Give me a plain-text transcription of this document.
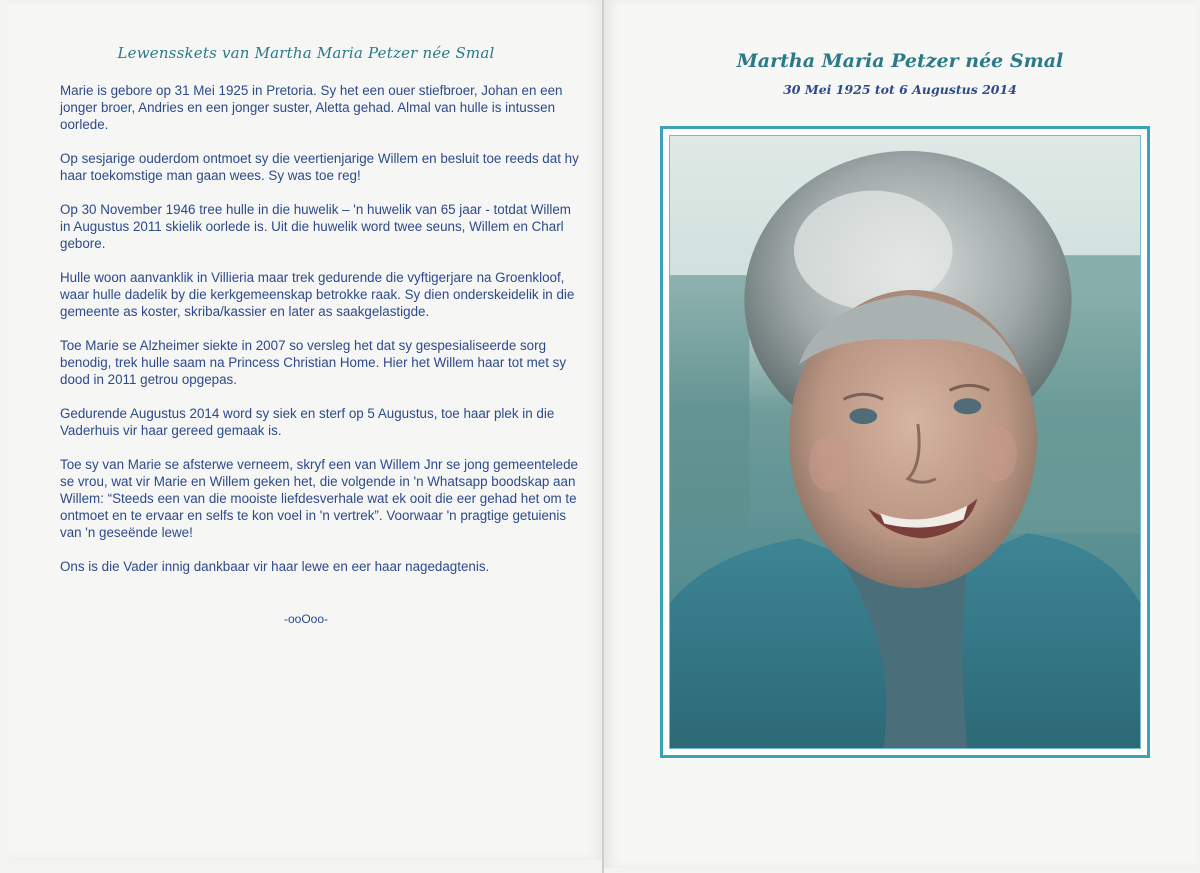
Lewensskets van Martha Maria Petzer née Smal

Marie is gebore op 31 Mei 1925 in Pretoria. Sy het een ouer stiefbroer, Johan en een jonger broer, Andries en een jonger suster, Aletta gehad. Almal van hulle is intussen oorlede.

Op sesjarige ouderdom ontmoet sy die veertienjarige Willem en besluit toe reeds dat hy haar toekomstige man gaan wees. Sy was toe reg!

Op 30 November 1946 tree hulle in die huwelik – 'n huwelik van 65 jaar - totdat Willem in Augustus 2011 skielik oorlede is. Uit die huwelik word twee seuns, Willem en Charl gebore.

Hulle woon aanvanklik in Villieria maar trek gedurende die vyftigerjare na Groenkloof, waar hulle dadelik by die kerkgemeenskap betrokke raak. Sy dien onderskeidelik in die gemeente as koster, skriba/kassier en later as saakgelastigde.

Toe Marie se Alzheimer siekte in 2007 so versleg het dat sy gespesialiseerde sorg benodig, trek hulle saam na Princess Christian Home. Hier het Willem haar tot met sy dood in 2011 getrou opgepas.

Gedurende Augustus 2014 word sy siek en sterf op 5 Augustus, toe haar plek in die Vaderhuis vir haar gereed gemaak is.

Toe sy van Marie se afsterwe verneem, skryf een van Willem Jnr se jong gemeentelede se vrou, wat vir Marie en Willem geken het, die volgende in 'n Whatsapp boodskap aan Willem: “Steeds een van die mooiste liefdesverhale wat ek ooit die eer gehad het om te ontmoet en te ervaar en selfs te kon voel in 'n vertrek”. Voorwaar 'n pragtige getuienis van 'n geseënde lewe!

Ons is die Vader innig dankbaar vir haar lewe en eer haar nagedagtenis.

-ooOoo-
Martha Maria Petzer née Smal
30 Mei 1925 tot 6 Augustus 2014
